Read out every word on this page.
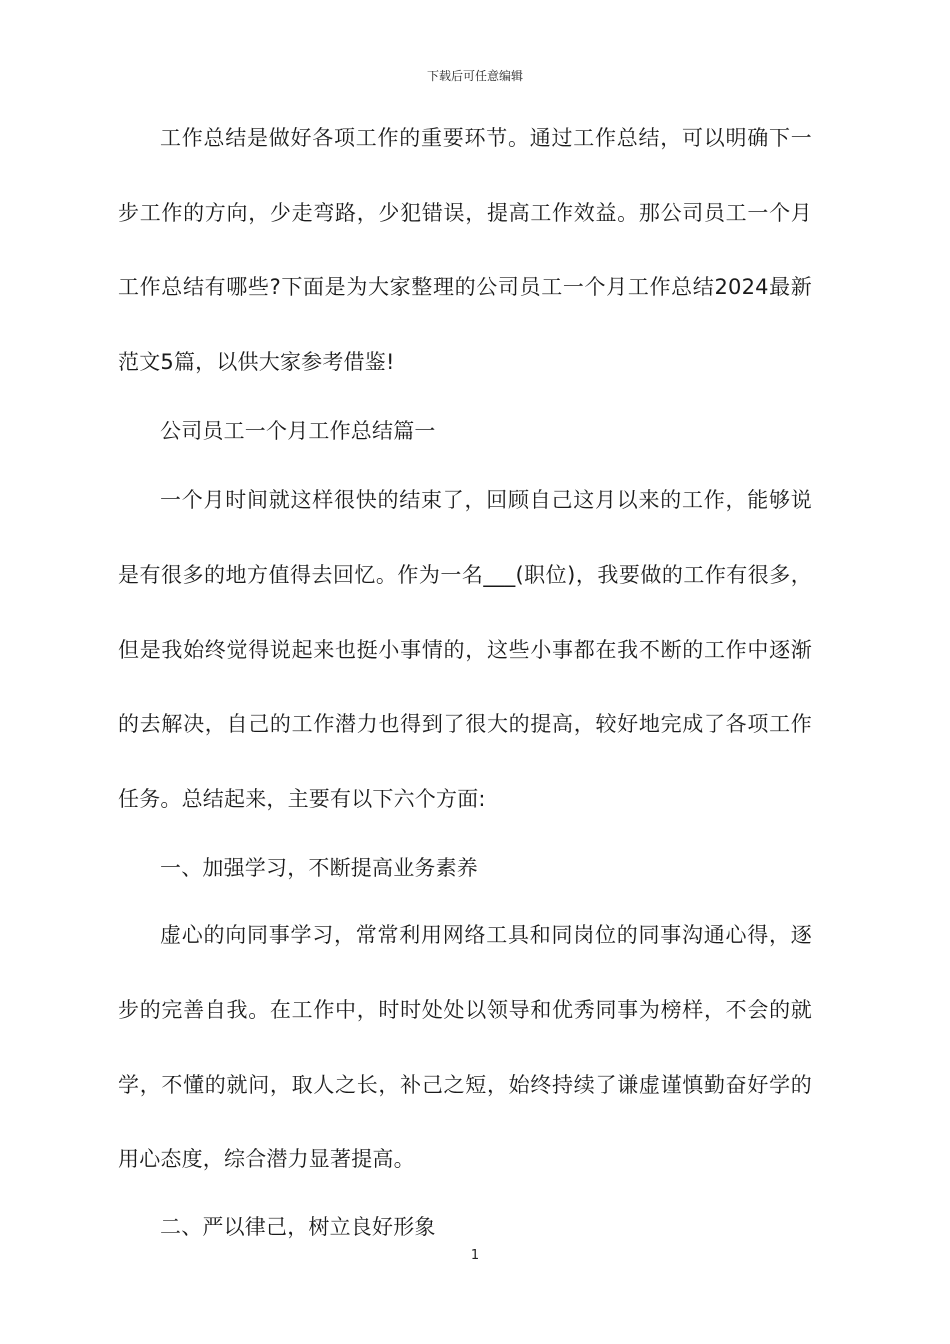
下载后可任意编辑

工作总结是做好各项工作的重要环节。通过工作总结，可以明确下一步工作的方向，少走弯路，少犯错误，提高工作效益。那公司员工一个月工作总结有哪些?下面是为大家整理的公司员工一个月工作总结2024最新范文5篇，以供大家参考借鉴!

公司员工一个月工作总结篇一

一个月时间就这样很快的结束了，回顾自己这月以来的工作，能够说是有很多的地方值得去回忆。作为一名___(职位)，我要做的工作有很多，但是我始终觉得说起来也挺小事情的，这些小事都在我不断的工作中逐渐的去解决，自己的工作潜力也得到了很大的提高，较好地完成了各项工作任务。总结起来，主要有以下六个方面:

一、加强学习，不断提高业务素养

虚心的向同事学习，常常利用网络工具和同岗位的同事沟通心得，逐步的完善自我。在工作中，时时处处以领导和优秀同事为榜样，不会的就学，不懂的就问，取人之长，补己之短，始终持续了谦虚谨慎勤奋好学的用心态度，综合潜力显著提高。

二、严以律己，树立良好形象

1
